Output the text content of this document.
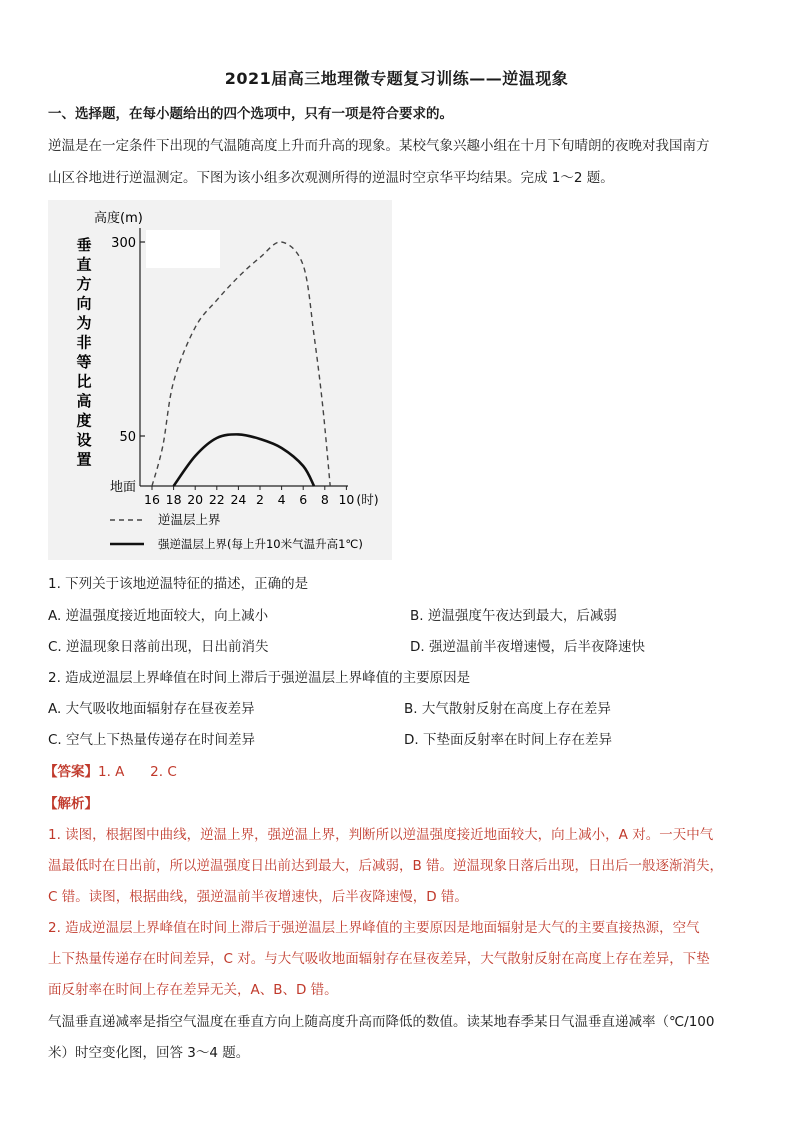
2021届高三地理微专题复习训练——逆温现象
一、选择题，在每小题给出的四个选项中，只有一项是符合要求的。
逆温是在一定条件下出现的气温随高度上升而升高的现象。某校气象兴趣小组在十月下旬晴朗的夜晚对我国南方
山区谷地进行逆温测定。下图为该小组多次观测所得的逆温时空京华平均结果。完成 1～2 题。
高度(m)
垂
直
方
向
为
非
等
比
高
度
设
置
300
50
地面
16 18 20 22 24 2 4 6 8 10 (时)
逆温层上界
强逆温层上界(每上升10米气温升高1℃)
1. 下列关于该地逆温特征的描述，正确的是
A. 逆温强度接近地面较大，向上减小	B. 逆温强度午夜达到最大，后减弱
C. 逆温现象日落前出现，日出前消失	D. 强逆温前半夜增速慢，后半夜降速快
2. 造成逆温层上界峰值在时间上滞后于强逆温层上界峰值的主要原因是
A. 大气吸收地面辐射存在昼夜差异	B. 大气散射反射在高度上存在差异
C. 空气上下热量传递存在时间差异	D. 下垫面反射率在时间上存在差异
【答案】1. A      2. C
【解析】
1. 读图，根据图中曲线，逆温上界，强逆温上界，判断所以逆温强度接近地面较大，向上减小，A 对。一天中气
温最低时在日出前，所以逆温强度日出前达到最大，后减弱，B 错。逆温现象日落后出现，日出后一般逐渐消失，
C 错。读图，根据曲线，强逆温前半夜增速快，后半夜降速慢，D 错。
2. 造成逆温层上界峰值在时间上滞后于强逆温层上界峰值的主要原因是地面辐射是大气的主要直接热源，空气
上下热量传递存在时间差异，C 对。与大气吸收地面辐射存在昼夜差异，大气散射反射在高度上存在差异，下垫
面反射率在时间上存在差异无关，A、B、D 错。
气温垂直递减率是指空气温度在垂直方向上随高度升高而降低的数值。读某地春季某日气温垂直递减率（℃/100
米）时空变化图，回答 3～4 题。
